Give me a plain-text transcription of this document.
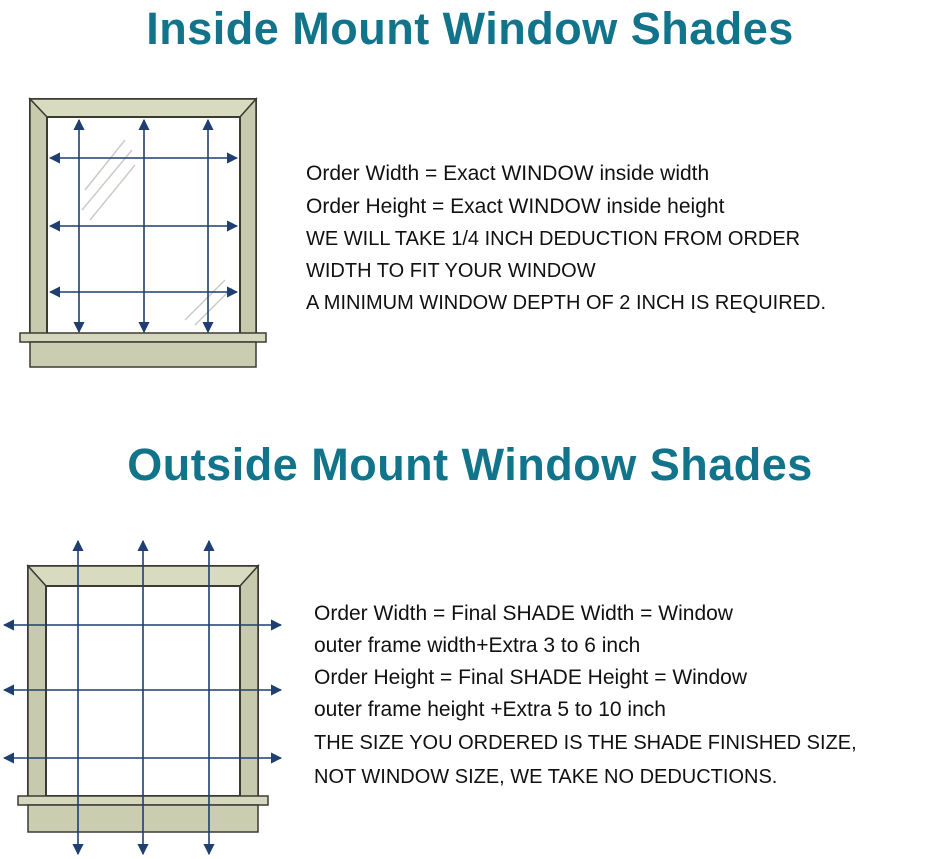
Inside Mount Window Shades
Order Width = Exact WINDOW inside width
Order Height = Exact WINDOW inside height
WE WILL TAKE 1/4 INCH DEDUCTION FROM ORDER
WIDTH TO FIT YOUR WINDOW
A MINIMUM WINDOW DEPTH OF 2 INCH IS REQUIRED.
Outside Mount Window Shades
Order Width = Final SHADE Width = Window
outer frame width+Extra 3 to 6 inch
Order Height = Final SHADE Height = Window
outer frame height +Extra 5 to 10 inch
THE SIZE YOU ORDERED IS THE SHADE FINISHED SIZE,
NOT WINDOW SIZE, WE TAKE NO DEDUCTIONS.
